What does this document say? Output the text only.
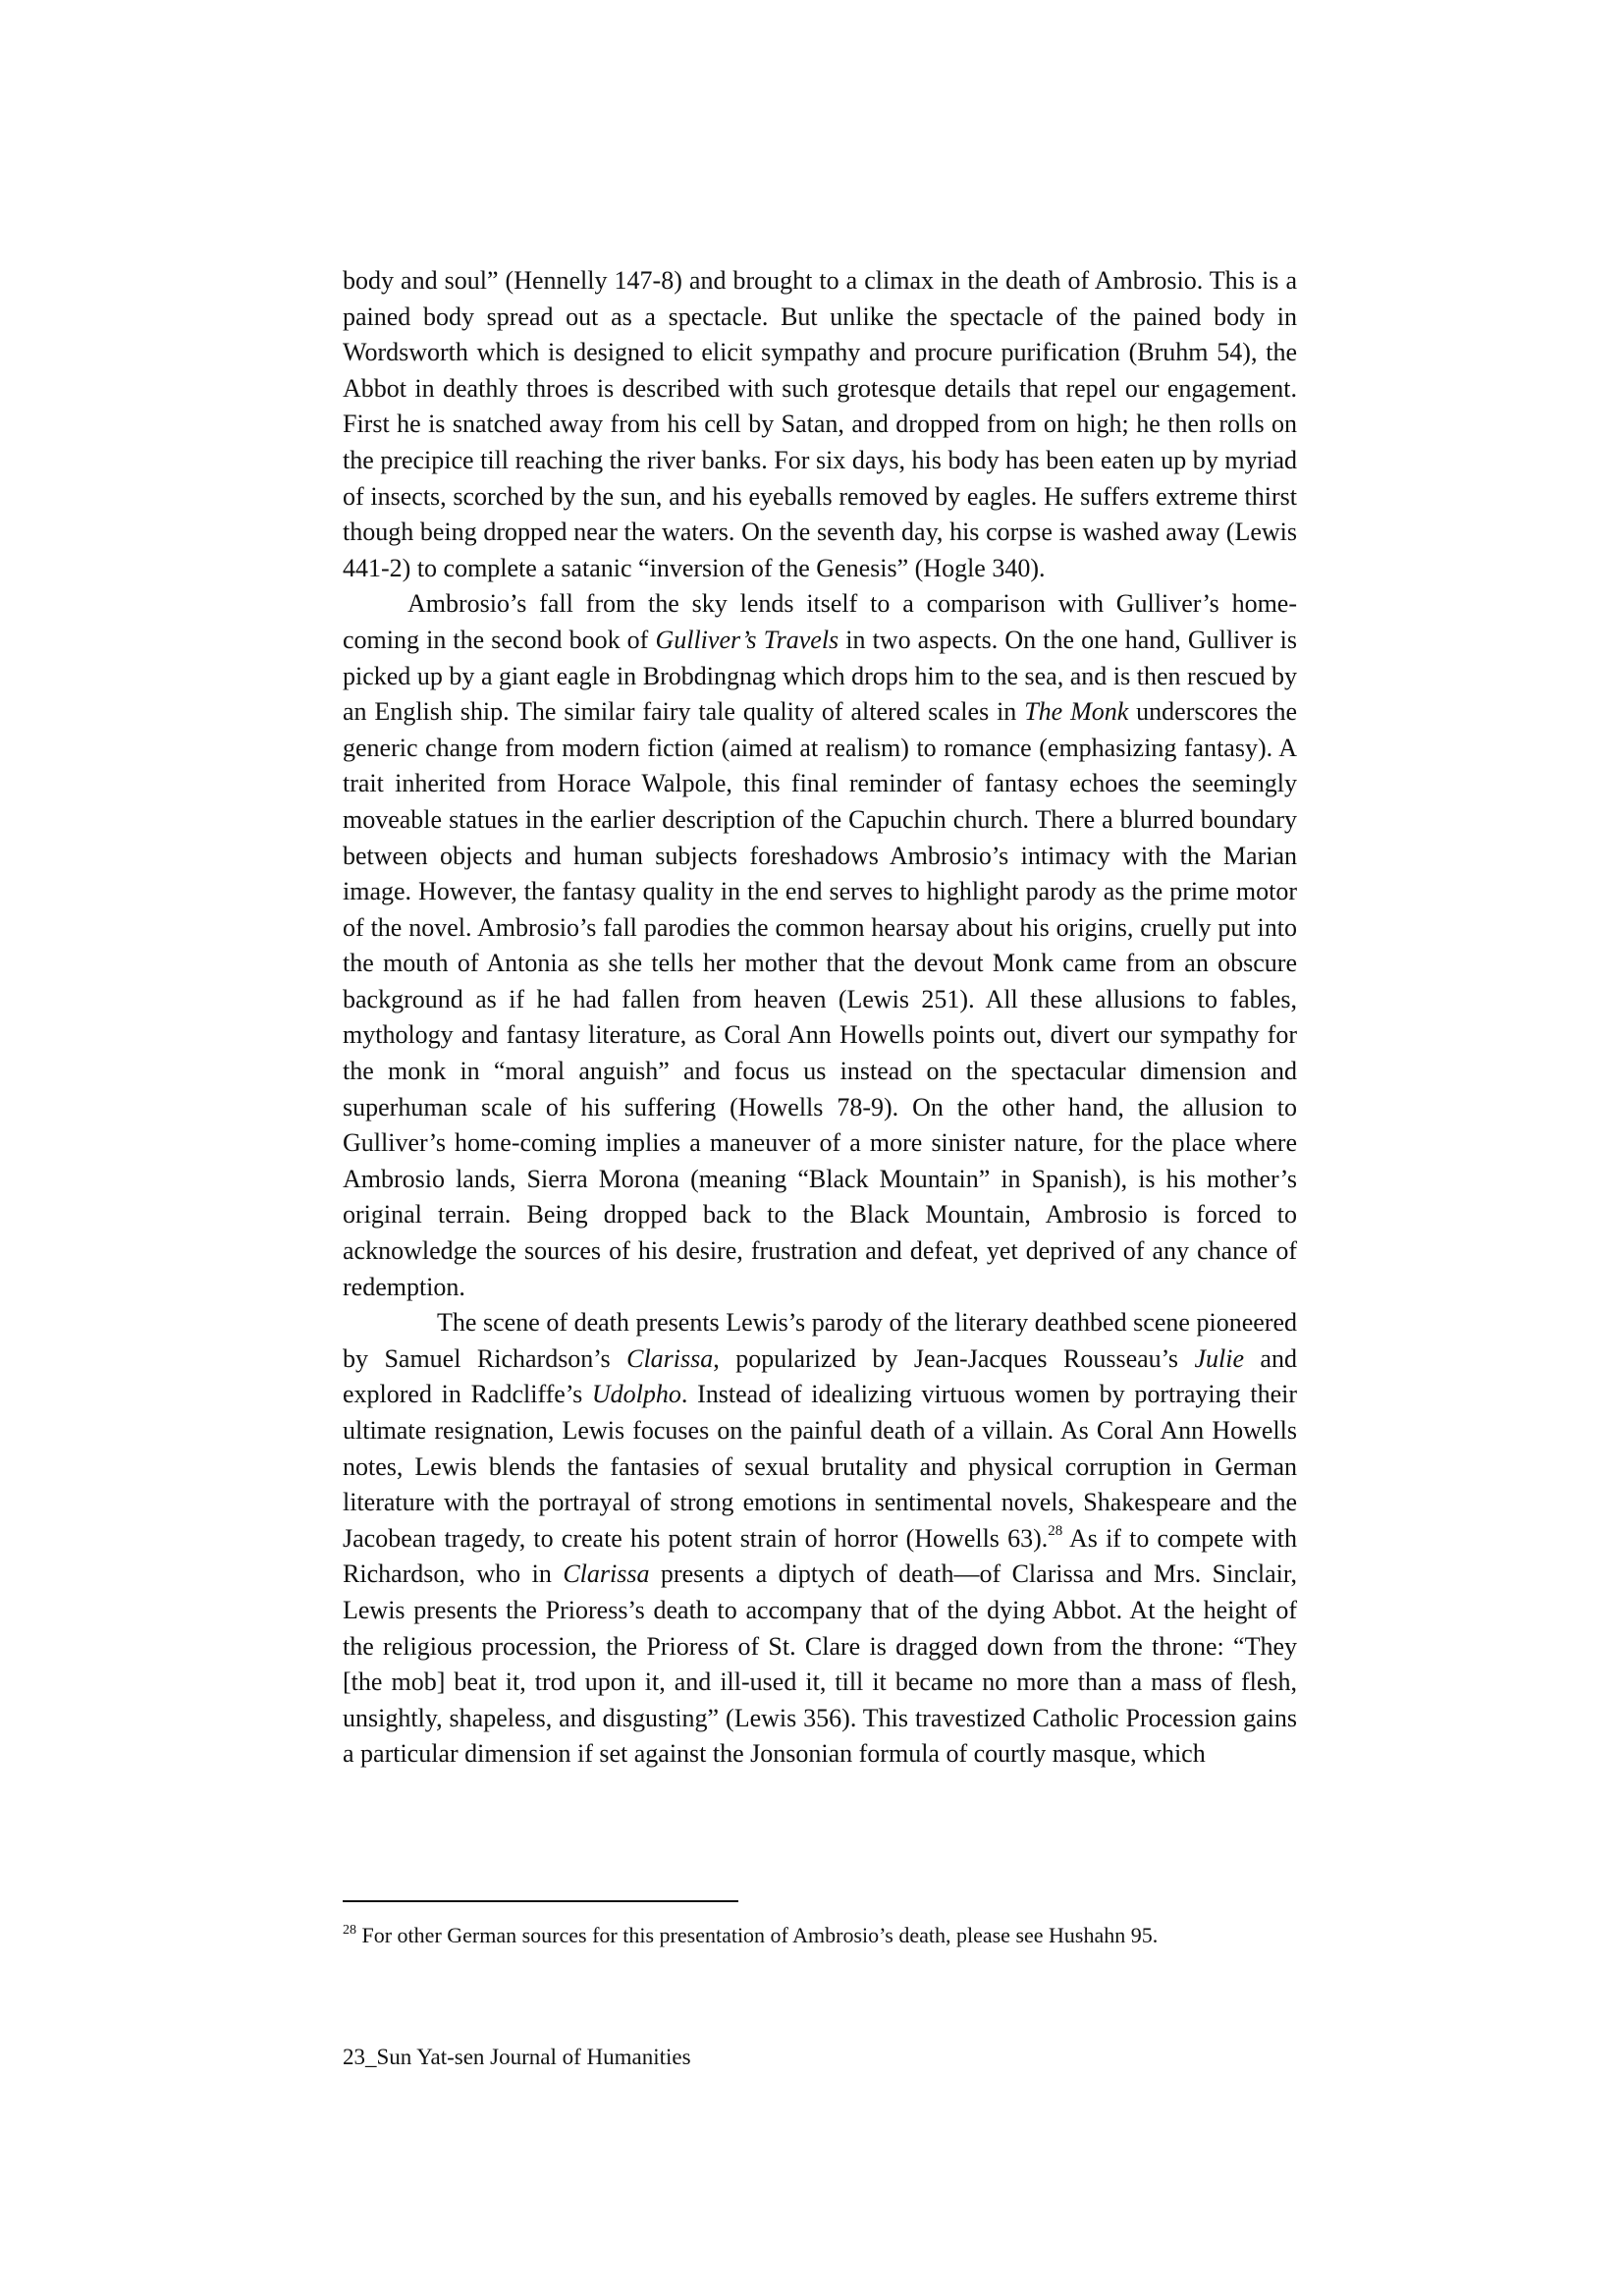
body and soul” (Hennelly 147-8) and brought to a climax in the death of Ambrosio. This is a pained body spread out as a spectacle. But unlike the spectacle of the pained body in Wordsworth which is designed to elicit sympathy and procure purification (Bruhm 54), the Abbot in deathly throes is described with such grotesque details that repel our engagement. First he is snatched away from his cell by Satan, and dropped from on high; he then rolls on the precipice till reaching the river banks. For six days, his body has been eaten up by myriad of insects, scorched by the sun, and his eyeballs removed by eagles. He suffers extreme thirst though being dropped near the waters. On the seventh day, his corpse is washed away (Lewis 441-2) to complete a satanic “inversion of the Genesis” (Hogle 340).

Ambrosio’s fall from the sky lends itself to a comparison with Gulliver’s home-coming in the second book of Gulliver’s Travels in two aspects. On the one hand, Gulliver is picked up by a giant eagle in Brobdingnag which drops him to the sea, and is then rescued by an English ship. The similar fairy tale quality of altered scales in The Monk underscores the generic change from modern fiction (aimed at realism) to romance (emphasizing fantasy). A trait inherited from Horace Walpole, this final reminder of fantasy echoes the seemingly moveable statues in the earlier description of the Capuchin church. There a blurred boundary between objects and human subjects foreshadows Ambrosio’s intimacy with the Marian image. However, the fantasy quality in the end serves to highlight parody as the prime motor of the novel. Ambrosio’s fall parodies the common hearsay about his origins, cruelly put into the mouth of Antonia as she tells her mother that the devout Monk came from an obscure background as if he had fallen from heaven (Lewis 251). All these allusions to fables, mythology and fantasy literature, as Coral Ann Howells points out, divert our sympathy for the monk in “moral anguish” and focus us instead on the spectacular dimension and superhuman scale of his suffering (Howells 78-9). On the other hand, the allusion to Gulliver’s home-coming implies a maneuver of a more sinister nature, for the place where Ambrosio lands, Sierra Morona (meaning “Black Mountain” in Spanish), is his mother’s original terrain. Being dropped back to the Black Mountain, Ambrosio is forced to acknowledge the sources of his desire, frustration and defeat, yet deprived of any chance of redemption.

The scene of death presents Lewis’s parody of the literary deathbed scene pioneered by Samuel Richardson’s Clarissa, popularized by Jean-Jacques Rousseau’s Julie and explored in Radcliffe’s Udolpho. Instead of idealizing virtuous women by portraying their ultimate resignation, Lewis focuses on the painful death of a villain. As Coral Ann Howells notes, Lewis blends the fantasies of sexual brutality and physical corruption in German literature with the portrayal of strong emotions in sentimental novels, Shakespeare and the Jacobean tragedy, to create his potent strain of horror (Howells 63).$^{28}$ As if to compete with Richardson, who in Clarissa presents a diptych of death—of Clarissa and Mrs. Sinclair, Lewis presents the Prioress’s death to accompany that of the dying Abbot. At the height of the religious procession, the Prioress of St. Clare is dragged down from the throne: “They [the mob] beat it, trod upon it, and ill-used it, till it became no more than a mass of flesh, unsightly, shapeless, and disgusting” (Lewis 356). This travestized Catholic Procession gains a particular dimension if set against the Jonsonian formula of courtly masque, which

$^{28}$ For other German sources for this presentation of Ambrosio’s death, please see Hushahn 95.
23_Sun Yat-sen Journal of Humanities
